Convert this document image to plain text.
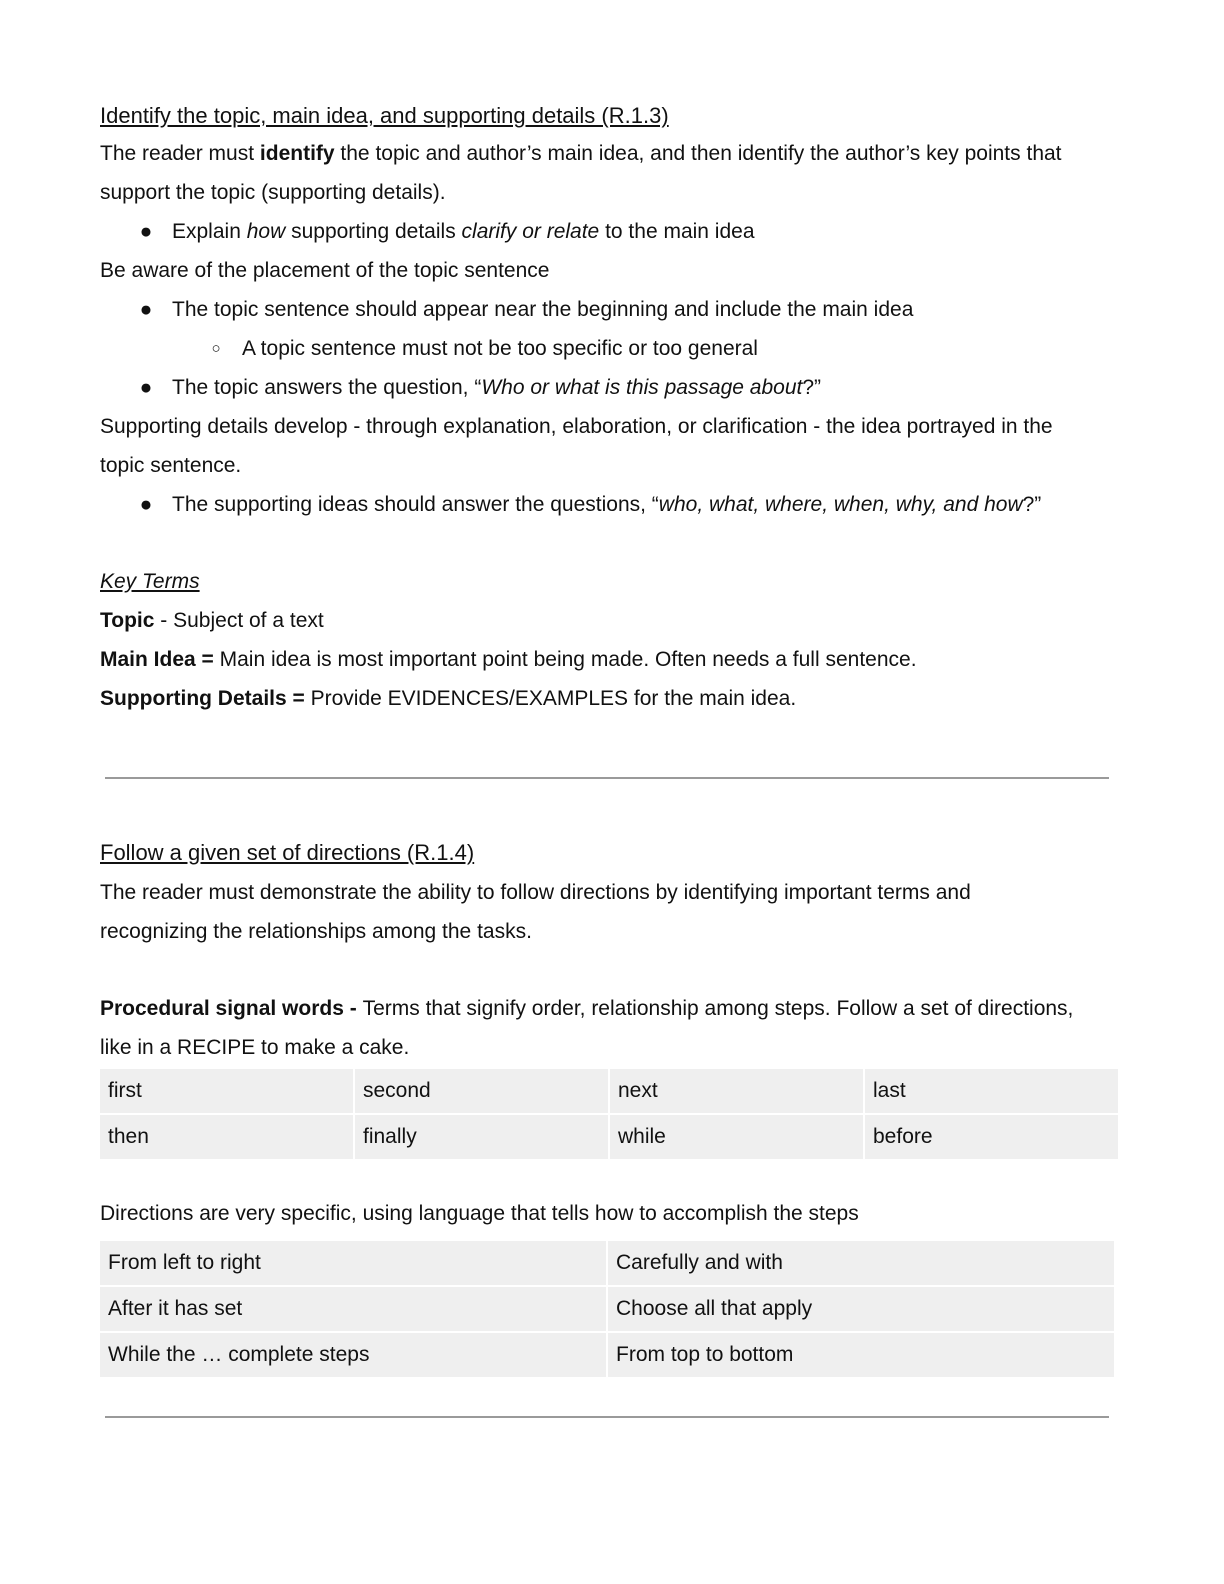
Identify the topic, main idea, and supporting details (R.1.3)

The reader must identify the topic and author’s main idea, and then identify the author’s key points that

support the topic (supporting details).

● Explain how supporting details clarify or relate to the main idea

Be aware of the placement of the topic sentence

● The topic sentence should appear near the beginning and include the main idea
○ A topic sentence must not be too specific or too general
● The topic answers the question, “Who or what is this passage about?”

Supporting details develop - through explanation, elaboration, or clarification - the idea portrayed in the

topic sentence.

● The supporting ideas should answer the questions, “who, what, where, when, why, and how?”

Key Terms

Topic - Subject of a text

Main Idea = Main idea is most important point being made. Often needs a full sentence.

Supporting Details = Provide EVIDENCES/EXAMPLES for the main idea.

Follow a given set of directions (R.1.4)

The reader must demonstrate the ability to follow directions by identifying important terms and

recognizing the relationships among the tasks.

Procedural signal words - Terms that signify order, relationship among steps. Follow a set of directions,

like in a RECIPE to make a cake.

first	second	next	last
then	finally	while	before

Directions are very specific, using language that tells how to accomplish the steps

From left to right	Carefully and with
After it has set	Choose all that apply
While the … complete steps	From top to bottom
